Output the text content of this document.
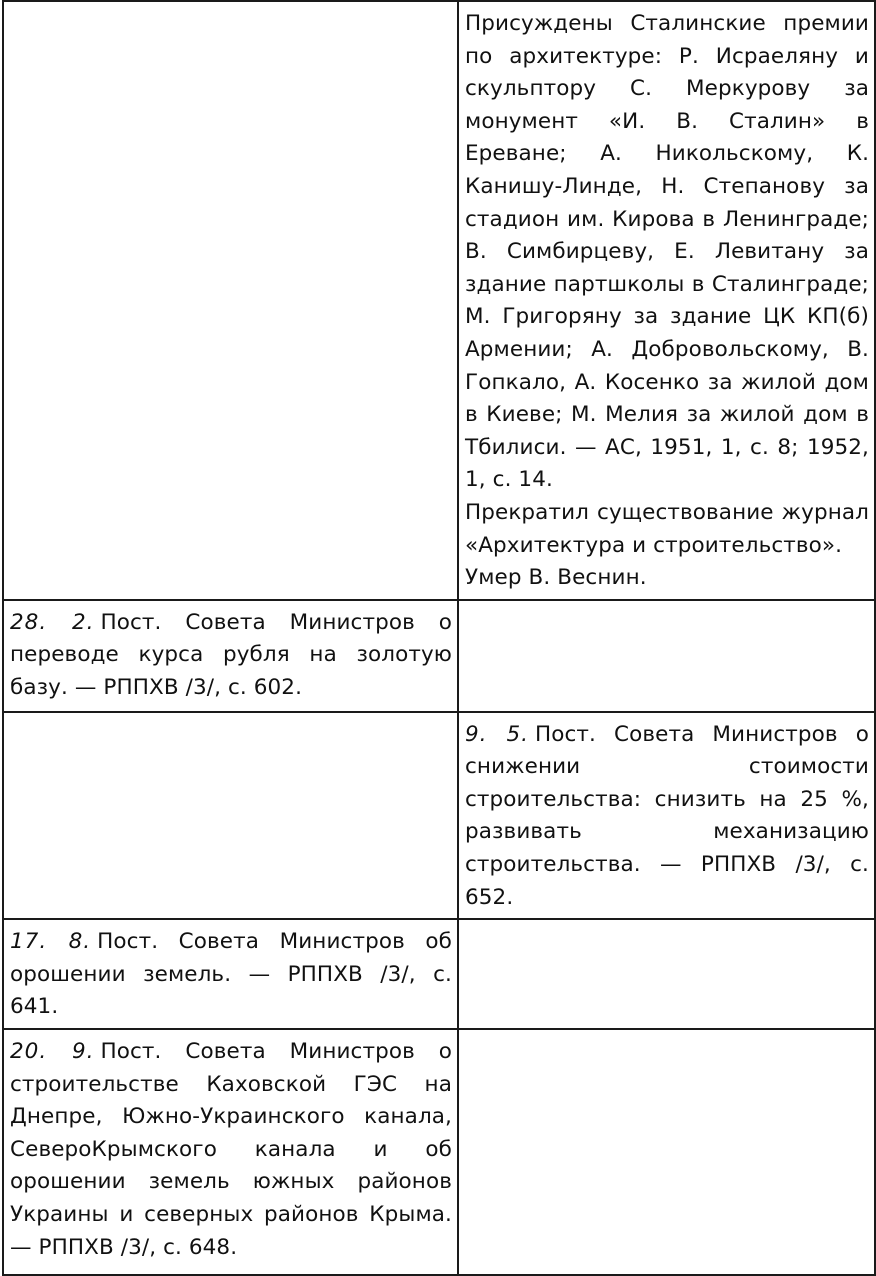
	Присуждены Сталинские премии по архитектуре: Р. Исраеляну и скульптору С. Меркурову за монумент «И. В. Сталин» в Ереване; А. Никольскому, К. Канишу-Линде, Н. Степанову за стадион им. Кирова в Ленинграде; В. Симбирцеву, Е. Левитану за здание партшколы в Сталинграде; М. Григоряну за здание ЦК КП(б) Армении; А. Добровольскому, В. Гопкало, А. Косенко за жилой дом в Киеве; М. Мелия за жилой дом в Тбилиси. — АС, 1951, 1, с. 8; 1952, 1, с. 14.
Прекратил существование журнал «Архитектура и строительство».
Умер В. Веснин.

28. 2. Пост. Совета Министров о переводе курса рубля на золотую базу. — РППХВ /3/, с. 602.	
	9. 5. Пост. Совета Министров о снижении стоимости строительства: снизить на 25 %, развивать механизацию строительства. — РППХВ /3/, с. 652.
17. 8. Пост. Совета Министров об орошении земель. — РППХВ /3/, с. 641.	
20. 9. Пост. Совета Министров о строительстве Каховской ГЭС на Днепре, Южно-Украинского канала, СевероКрымского канала и об орошении земель южных районов Украины и северных районов Крыма. — РППХВ /3/, с. 648.	
